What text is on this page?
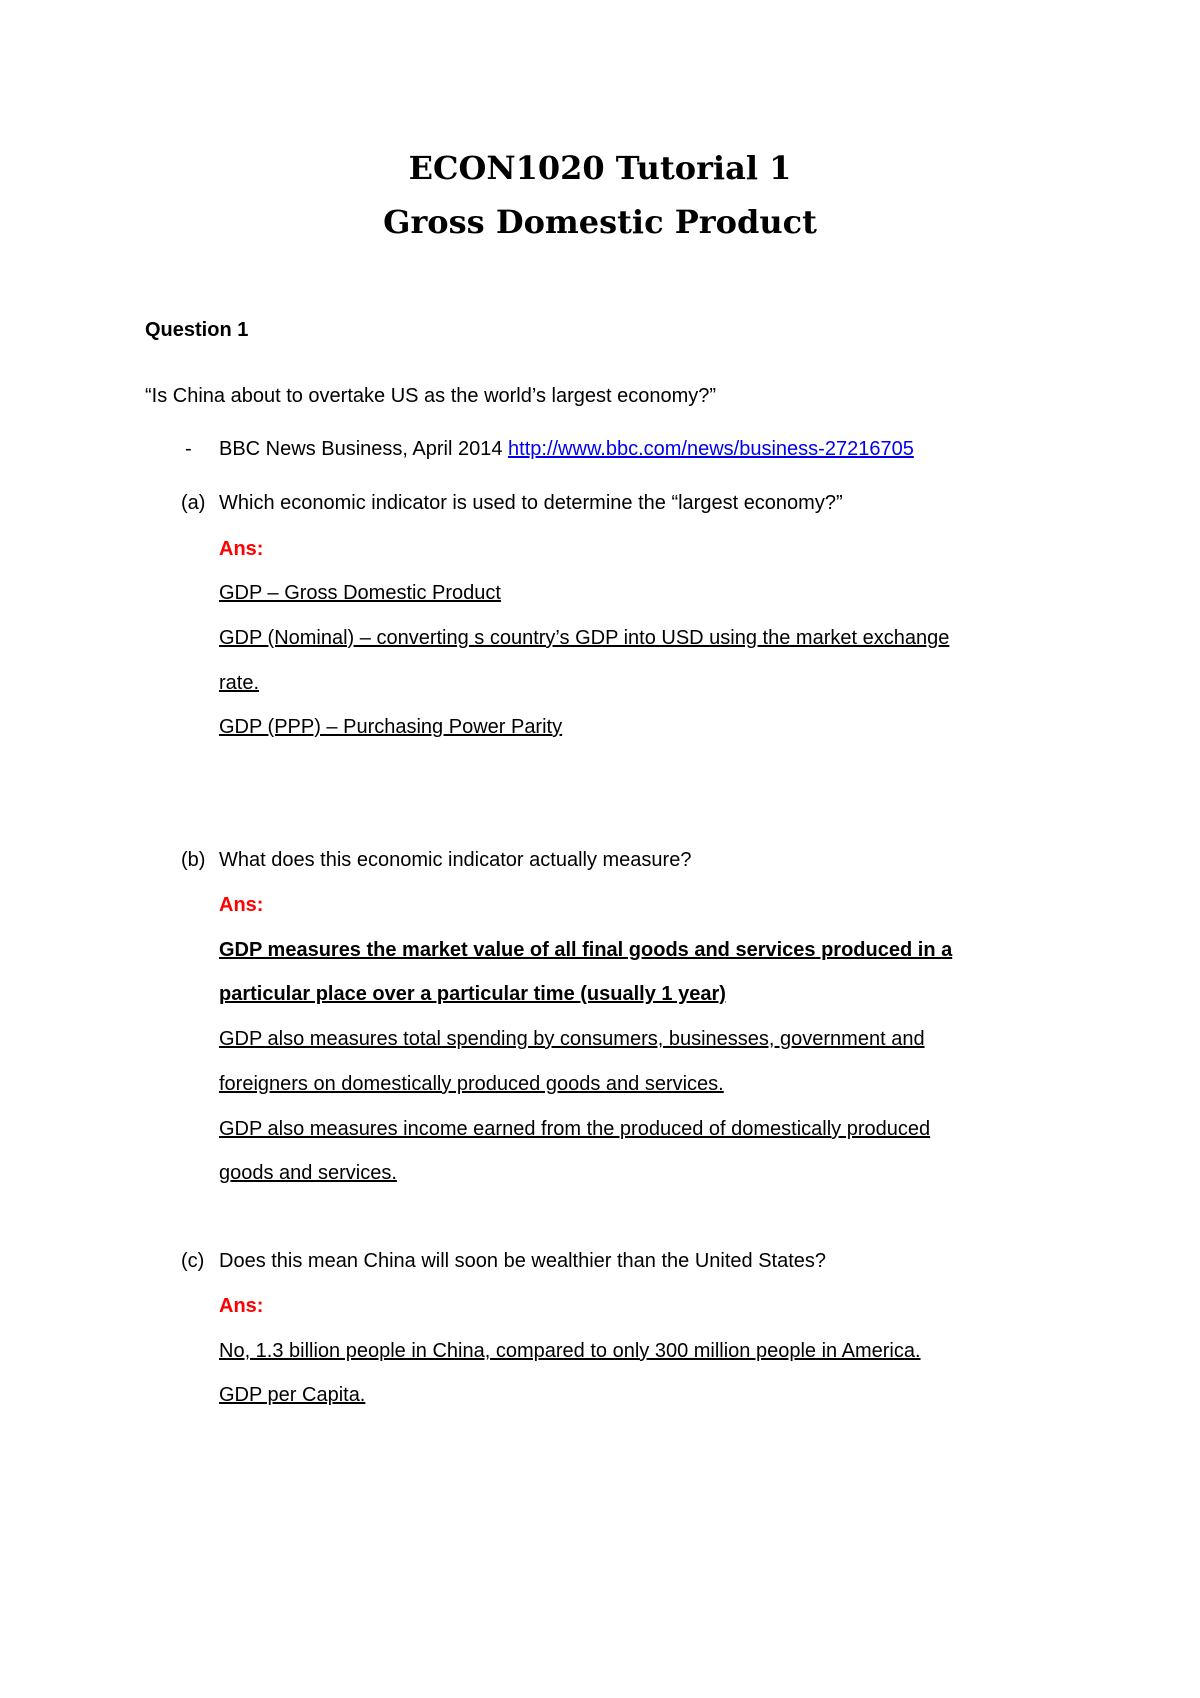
ECON1020 Tutorial 1
Gross Domestic Product
Question 1
“Is China about to overtake US as the world’s largest economy?”
- BBC News Business, April 2014 http://www.bbc.com/news/business-27216705
(a) Which economic indicator is used to determine the “largest economy?”
Ans:
GDP – Gross Domestic Product
GDP (Nominal) – converting s country’s GDP into USD using the market exchange
rate.
GDP (PPP) – Purchasing Power Parity
(b) What does this economic indicator actually measure?
Ans:
GDP measures the market value of all final goods and services produced in a
particular place over a particular time (usually 1 year)
GDP also measures total spending by consumers, businesses, government and
foreigners on domestically produced goods and services.
GDP also measures income earned from the produced of domestically produced
goods and services.
(c) Does this mean China will soon be wealthier than the United States?
Ans:
No, 1.3 billion people in China, compared to only 300 million people in America.
GDP per Capita.
